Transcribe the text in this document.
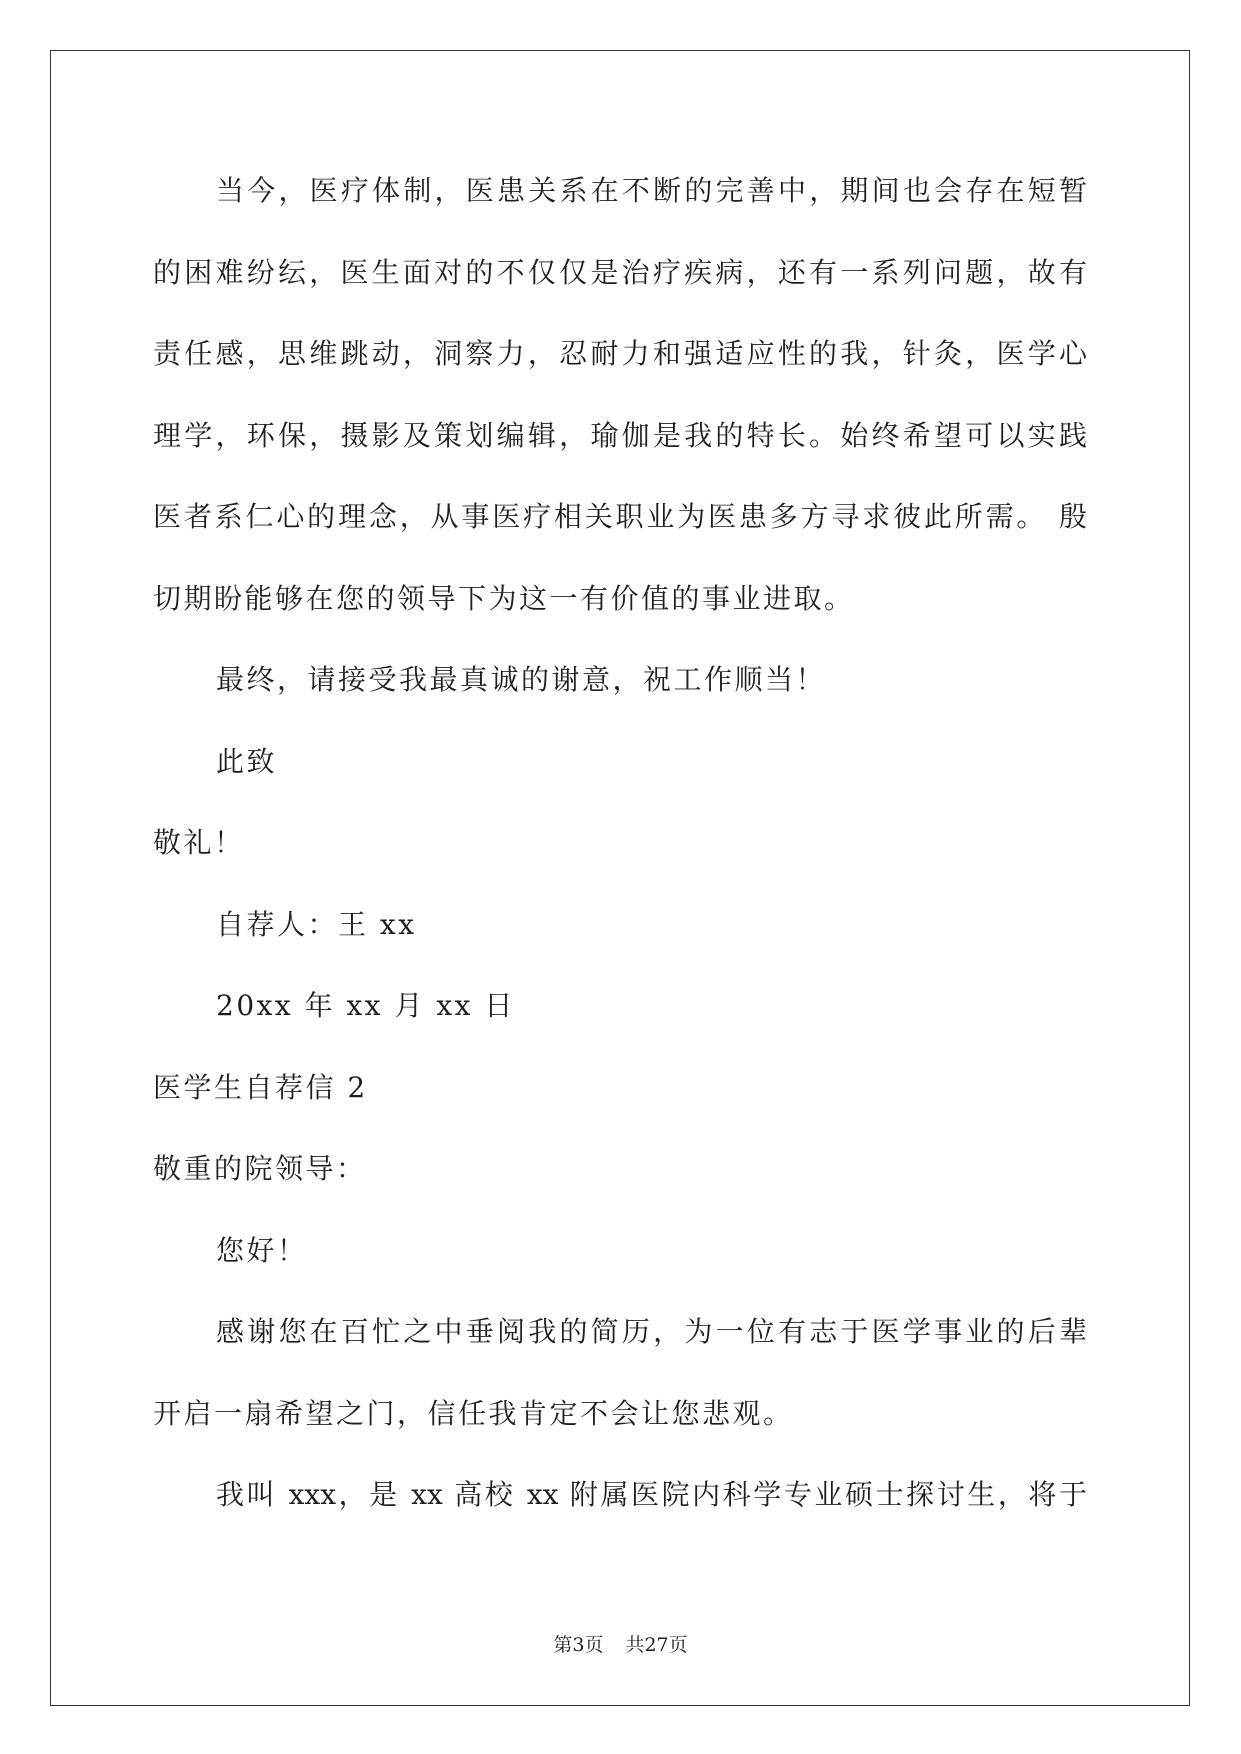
当今，医疗体制，医患关系在不断的完善中，期间也会存在短暂
的困难纷纭，医生面对的不仅仅是治疗疾病，还有一系列问题，故有
责任感，思维跳动，洞察力，忍耐力和强适应性的我，针灸，医学心
理学，环保，摄影及策划编辑，瑜伽是我的特长。始终希望可以实践
医者系仁心的理念，从事医疗相关职业为医患多方寻求彼此所需。 殷
切期盼能够在您的领导下为这一有价值的事业进取。
最终，请接受我最真诚的谢意，祝工作顺当！
此致
敬礼！
自荐人：王 xx
20xx 年 xx 月 xx 日
医学生自荐信 2
敬重的院领导：
您好！
感谢您在百忙之中垂阅我的简历，为一位有志于医学事业的后辈
开启一扇希望之门，信任我肯定不会让您悲观。
我叫 xxx，是 xx 高校 xx 附属医院内科学专业硕士探讨生，将于
第3页 共27页
